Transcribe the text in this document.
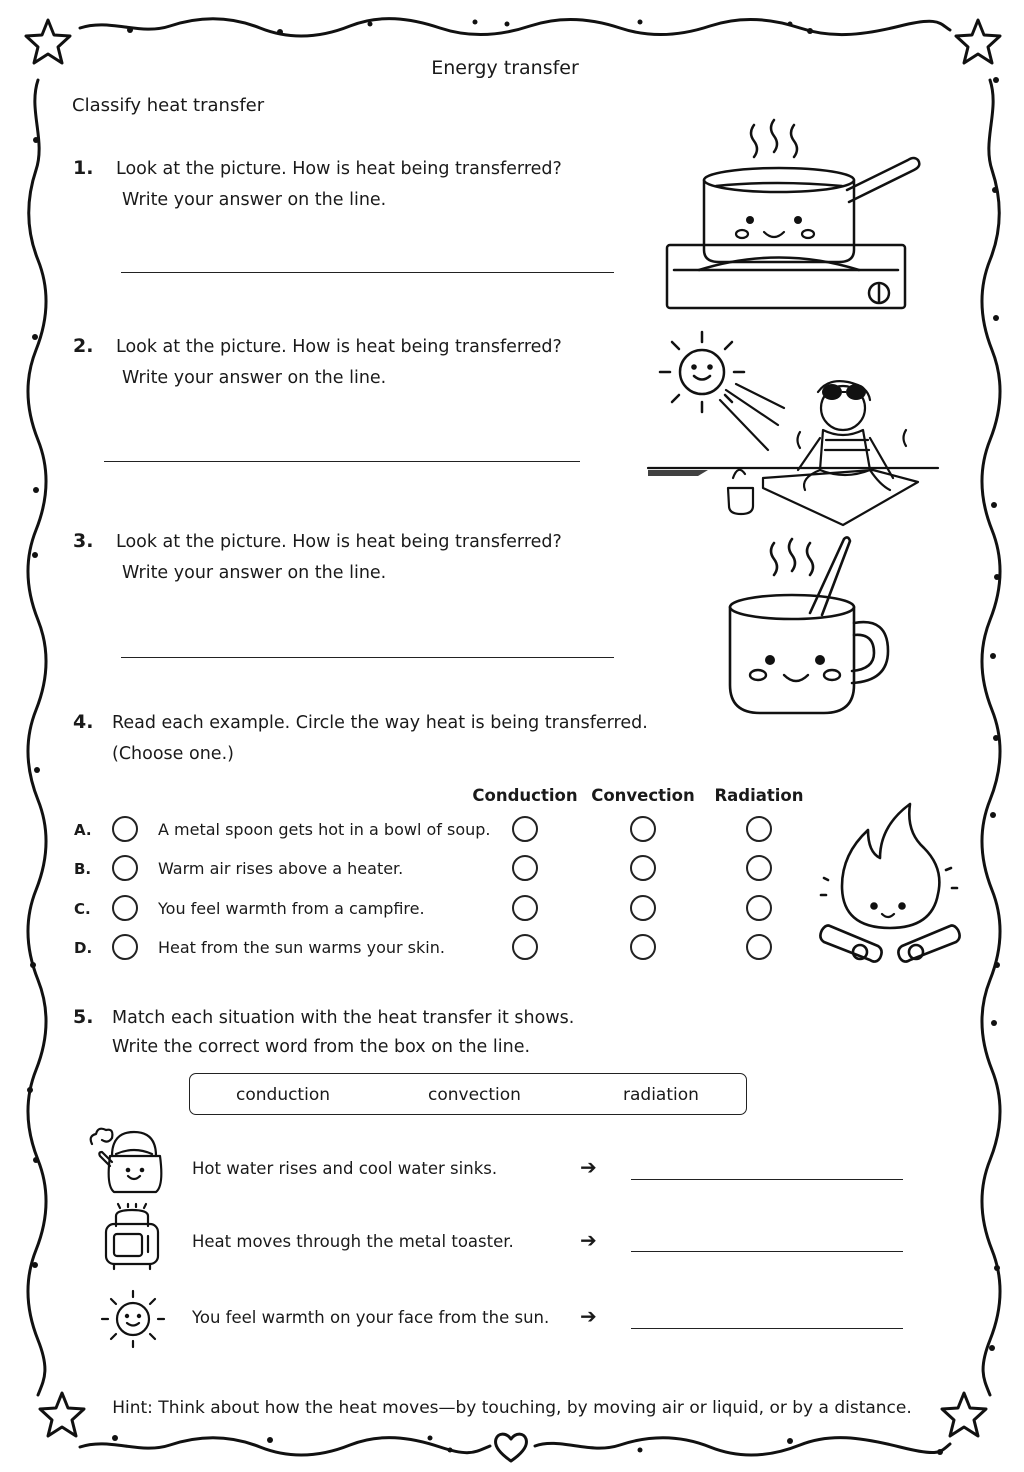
Energy transfer
Classify heat transfer
1. Look at the picture. How is heat being transferred?
Write your answer on the line.
2. Look at the picture. How is heat being transferred?
Write your answer on the line.
3. Look at the picture. How is heat being transferred?
Write your answer on the line.
4. Read each example. Circle the way heat is being transferred.
(Choose one.)
Conduction Convection	Radiation
A.	A metal spoon gets hot in a bowl of soup.
B.	Warm air rises above a heater.
C.	You feel warmth from a campfire.
D.	Heat from the sun warms your skin.
5. Match each situation with the heat transfer it shows.
Write the correct word from the box on the line.
conduction	convection	radiation
Hot water rises and cool water sinks.	➔
Heat moves through the metal toaster.	➔
You feel warmth on your face from the sun. ➔
Hint: Think about how the heat moves—by touching, by moving air or liquid, or by a distance.
